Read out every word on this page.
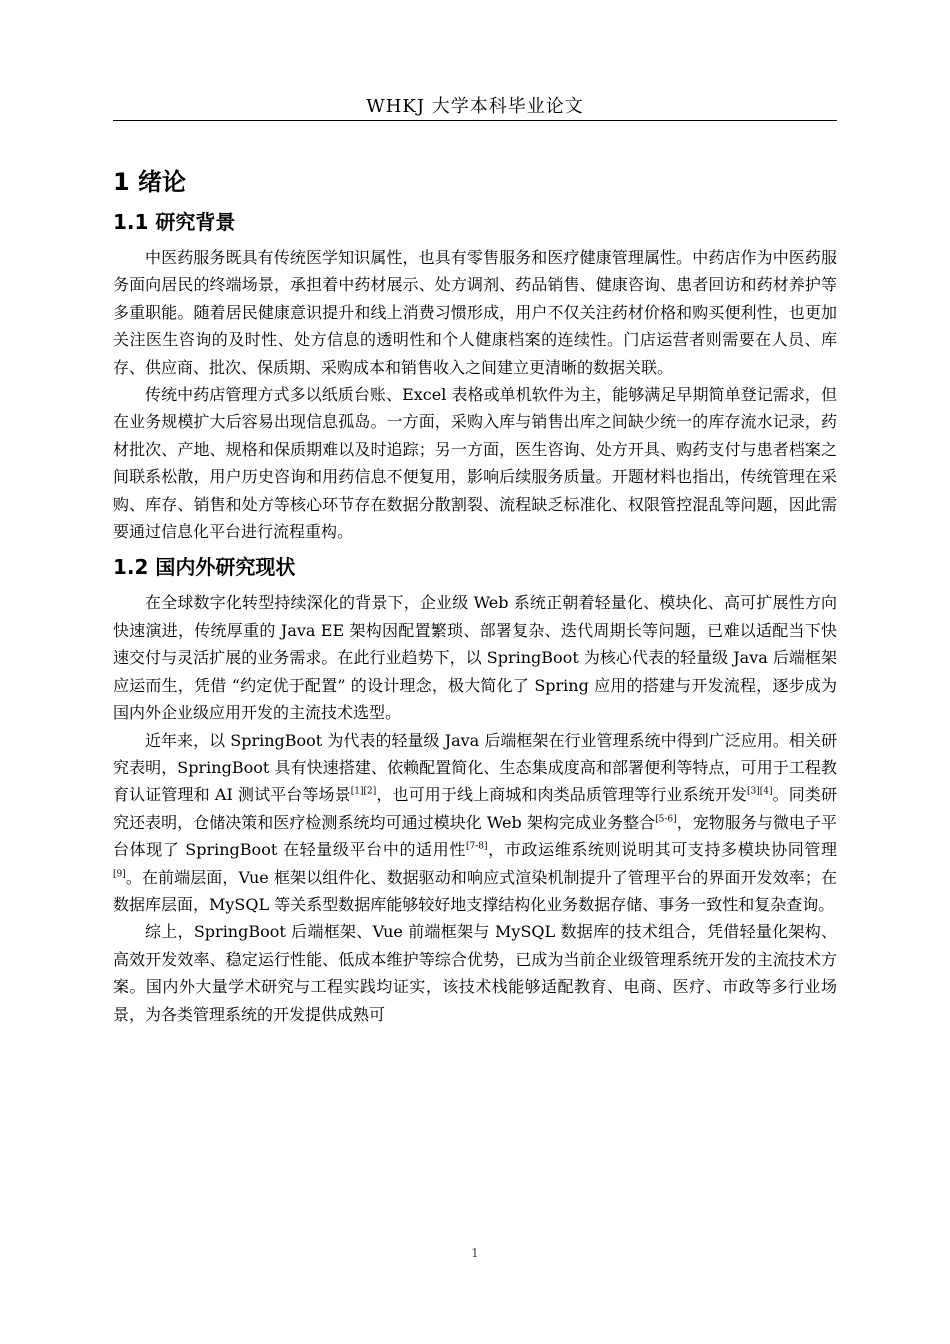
WHKJ 大学本科毕业论文
1 绪论
1.1 研究背景

中医药服务既具有传统医学知识属性，也具有零售服务和医疗健康管理属性。中药店作为中医药服务面向居民的终端场景，承担着中药材展示、处方调剂、药品销售、健康咨询、患者回访和药材养护等多重职能。随着居民健康意识提升和线上消费习惯形成，用户不仅关注药材价格和购买便利性，也更加关注医生咨询的及时性、处方信息的透明性和个人健康档案的连续性。门店运营者则需要在人员、库存、供应商、批次、保质期、采购成本和销售收入之间建立更清晰的数据关联。

传统中药店管理方式多以纸质台账、Excel 表格或单机软件为主，能够满足早期简单登记需求，但在业务规模扩大后容易出现信息孤岛。一方面，采购入库与销售出库之间缺少统一的库存流水记录，药材批次、产地、规格和保质期难以及时追踪；另一方面，医生咨询、处方开具、购药支付与患者档案之间联系松散，用户历史咨询和用药信息不便复用，影响后续服务质量。开题材料也指出，传统管理在采购、库存、销售和处方等核心环节存在数据分散割裂、流程缺乏标准化、权限管控混乱等问题，因此需要通过信息化平台进行流程重构。

1.2 国内外研究现状

在全球数字化转型持续深化的背景下，企业级 Web 系统正朝着轻量化、模块化、高可扩展性方向快速演进，传统厚重的 Java EE 架构因配置繁琐、部署复杂、迭代周期长等问题，已难以适配当下快速交付与灵活扩展的业务需求。在此行业趋势下，以 SpringBoot 为核心代表的轻量级 Java 后端框架应运而生，凭借 “约定优于配置” 的设计理念，极大简化了 Spring 应用的搭建与开发流程，逐步成为国内外企业级应用开发的主流技术选型。

近年来，以 SpringBoot 为代表的轻量级 Java 后端框架在行业管理系统中得到广泛应用。相关研究表明，SpringBoot 具有快速搭建、依赖配置简化、生态集成度高和部署便利等特点，可用于工程教育认证管理和 AI 测试平台等场景[1][2]，也可用于线上商城和肉类品质管理等行业系统开发[3][4]。同类研究还表明，仓储决策和医疗检测系统均可通过模块化 Web 架构完成业务整合[5-6]，宠物服务与微电子平台体现了 SpringBoot 在轻量级平台中的适用性[7-8]，市政运维系统则说明其可支持多模块协同管理[9]。在前端层面，Vue 框架以组件化、数据驱动和响应式渲染机制提升了管理平台的界面开发效率；在数据库层面，MySQL 等关系型数据库能够较好地支撑结构化业务数据存储、事务一致性和复杂查询。

综上，SpringBoot 后端框架、Vue 前端框架与 MySQL 数据库的技术组合，凭借轻量化架构、高效开发效率、稳定运行性能、低成本维护等综合优势，已成为当前企业级管理系统开发的主流技术方案。国内外大量学术研究与工程实践均证实，该技术栈能够适配教育、电商、医疗、市政等多行业场景，为各类管理系统的开发提供成熟可

1
